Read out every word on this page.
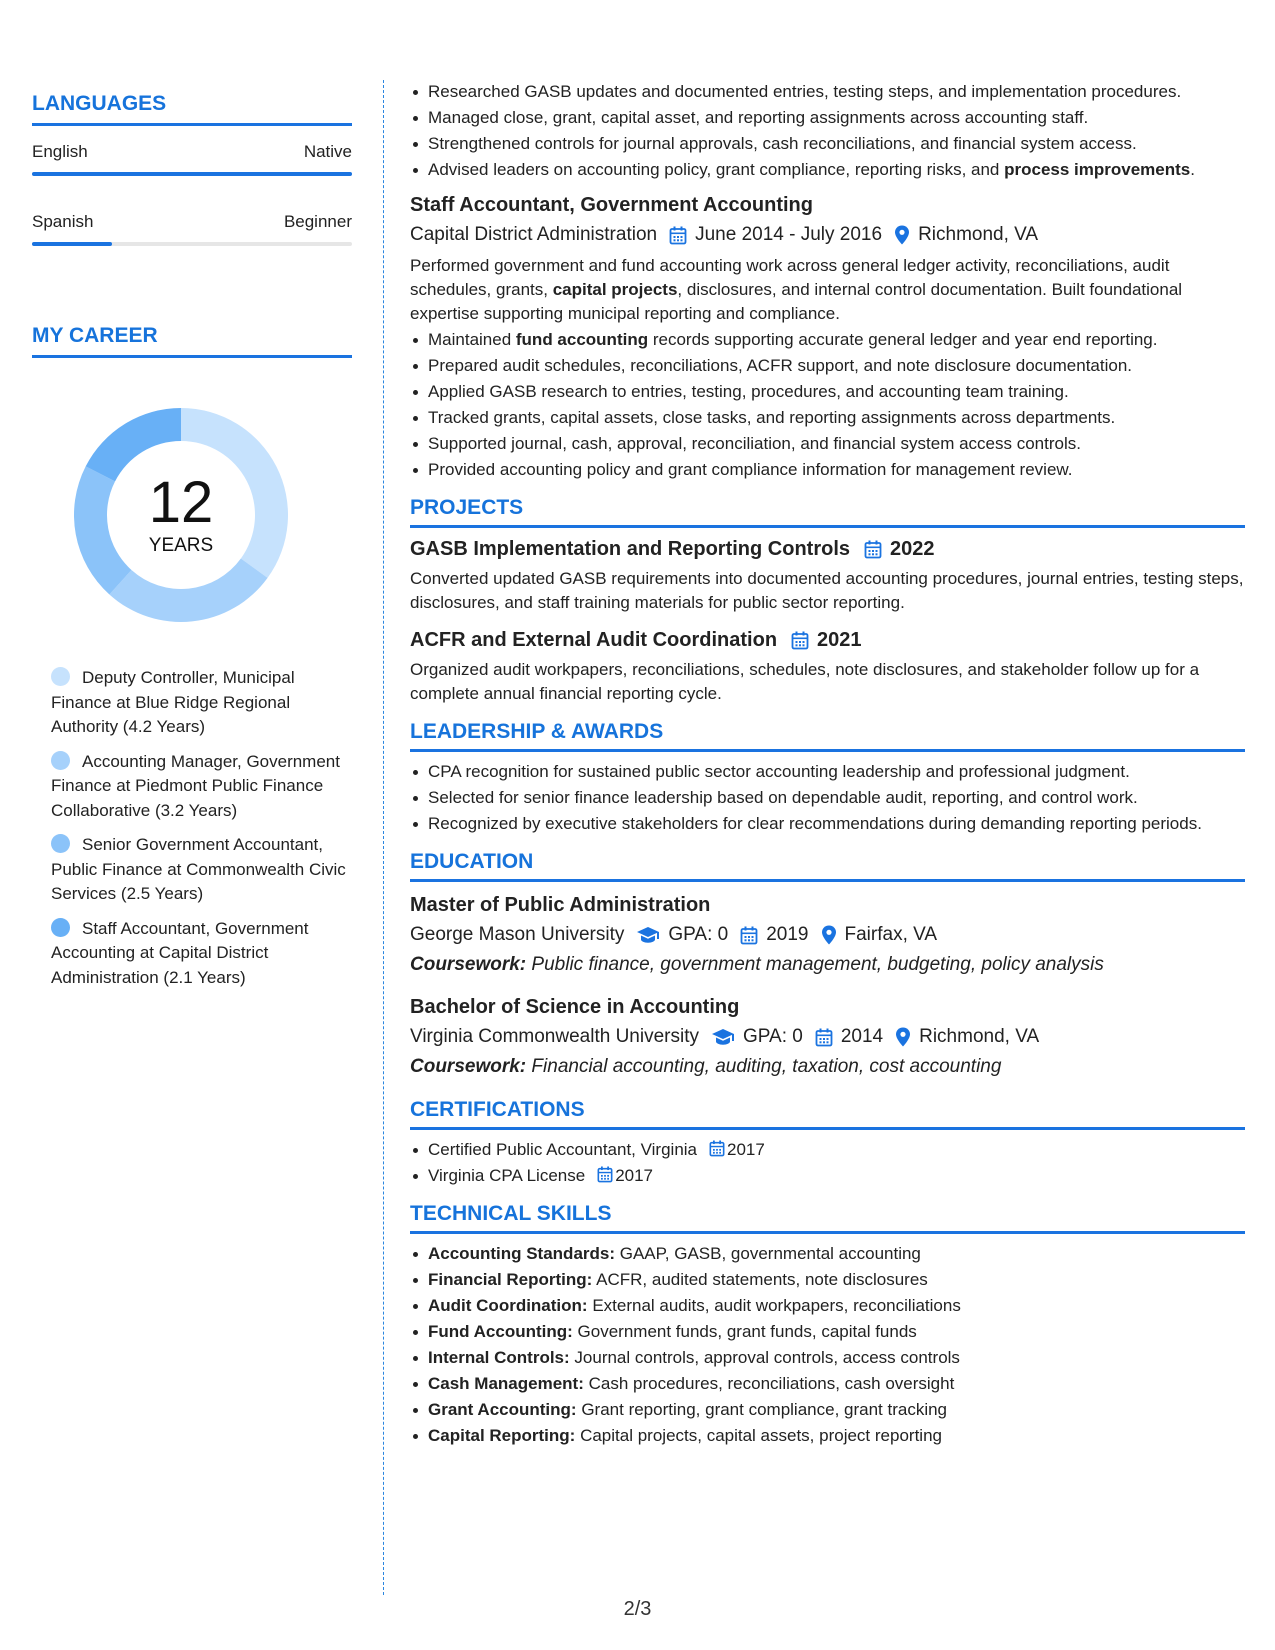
LANGUAGES
English	Native
Spanish	Beginner
MY CAREER
12
YEARS
Deputy Controller, Municipal Finance at Blue Ridge Regional Authority (4.2 Years)
Accounting Manager, Government Finance at Piedmont Public Finance Collaborative (3.2 Years)
Senior Government Accountant, Public Finance at Commonwealth Civic Services (2.5 Years)
Staff Accountant, Government Accounting at Capital District Administration (2.1 Years)
Researched GASB updates and documented entries, testing steps, and implementation procedures.
Managed close, grant, capital asset, and reporting assignments across accounting staff.
Strengthened controls for journal approvals, cash reconciliations, and financial system access.
Advised leaders on accounting policy, grant compliance, reporting risks, and process improvements.
Staff Accountant, Government Accounting
Capital District Administration June 2014 - July 2016 Richmond, VA
Performed government and fund accounting work across general ledger activity, reconciliations, audit schedules, grants, capital projects, disclosures, and internal control documentation. Built foundational expertise supporting municipal reporting and compliance.
Maintained fund accounting records supporting accurate general ledger and year end reporting.
Prepared audit schedules, reconciliations, ACFR support, and note disclosure documentation.
Applied GASB research to entries, testing, procedures, and accounting team training.
Tracked grants, capital assets, close tasks, and reporting assignments across departments.
Supported journal, cash, approval, reconciliation, and financial system access controls.
Provided accounting policy and grant compliance information for management review.
PROJECTS
GASB Implementation and Reporting Controls 2022
Converted updated GASB requirements into documented accounting procedures, journal entries, testing steps, disclosures, and staff training materials for public sector reporting.
ACFR and External Audit Coordination 2021
Organized audit workpapers, reconciliations, schedules, note disclosures, and stakeholder follow up for a complete annual financial reporting cycle.
LEADERSHIP & AWARDS
CPA recognition for sustained public sector accounting leadership and professional judgment.
Selected for senior finance leadership based on dependable audit, reporting, and control work.
Recognized by executive stakeholders for clear recommendations during demanding reporting periods.
EDUCATION
Master of Public Administration
George Mason University GPA: 0 2019 Fairfax, VA
Coursework: Public finance, government management, budgeting, policy analysis
Bachelor of Science in Accounting
Virginia Commonwealth University GPA: 0 2014 Richmond, VA
Coursework: Financial accounting, auditing, taxation, cost accounting
CERTIFICATIONS
Certified Public Accountant, Virginia 2017
Virginia CPA License 2017
TECHNICAL SKILLS
Accounting Standards: GAAP, GASB, governmental accounting
Financial Reporting: ACFR, audited statements, note disclosures
Audit Coordination: External audits, audit workpapers, reconciliations
Fund Accounting: Government funds, grant funds, capital funds
Internal Controls: Journal controls, approval controls, access controls
Cash Management: Cash procedures, reconciliations, cash oversight
Grant Accounting: Grant reporting, grant compliance, grant tracking
Capital Reporting: Capital projects, capital assets, project reporting
2/3
